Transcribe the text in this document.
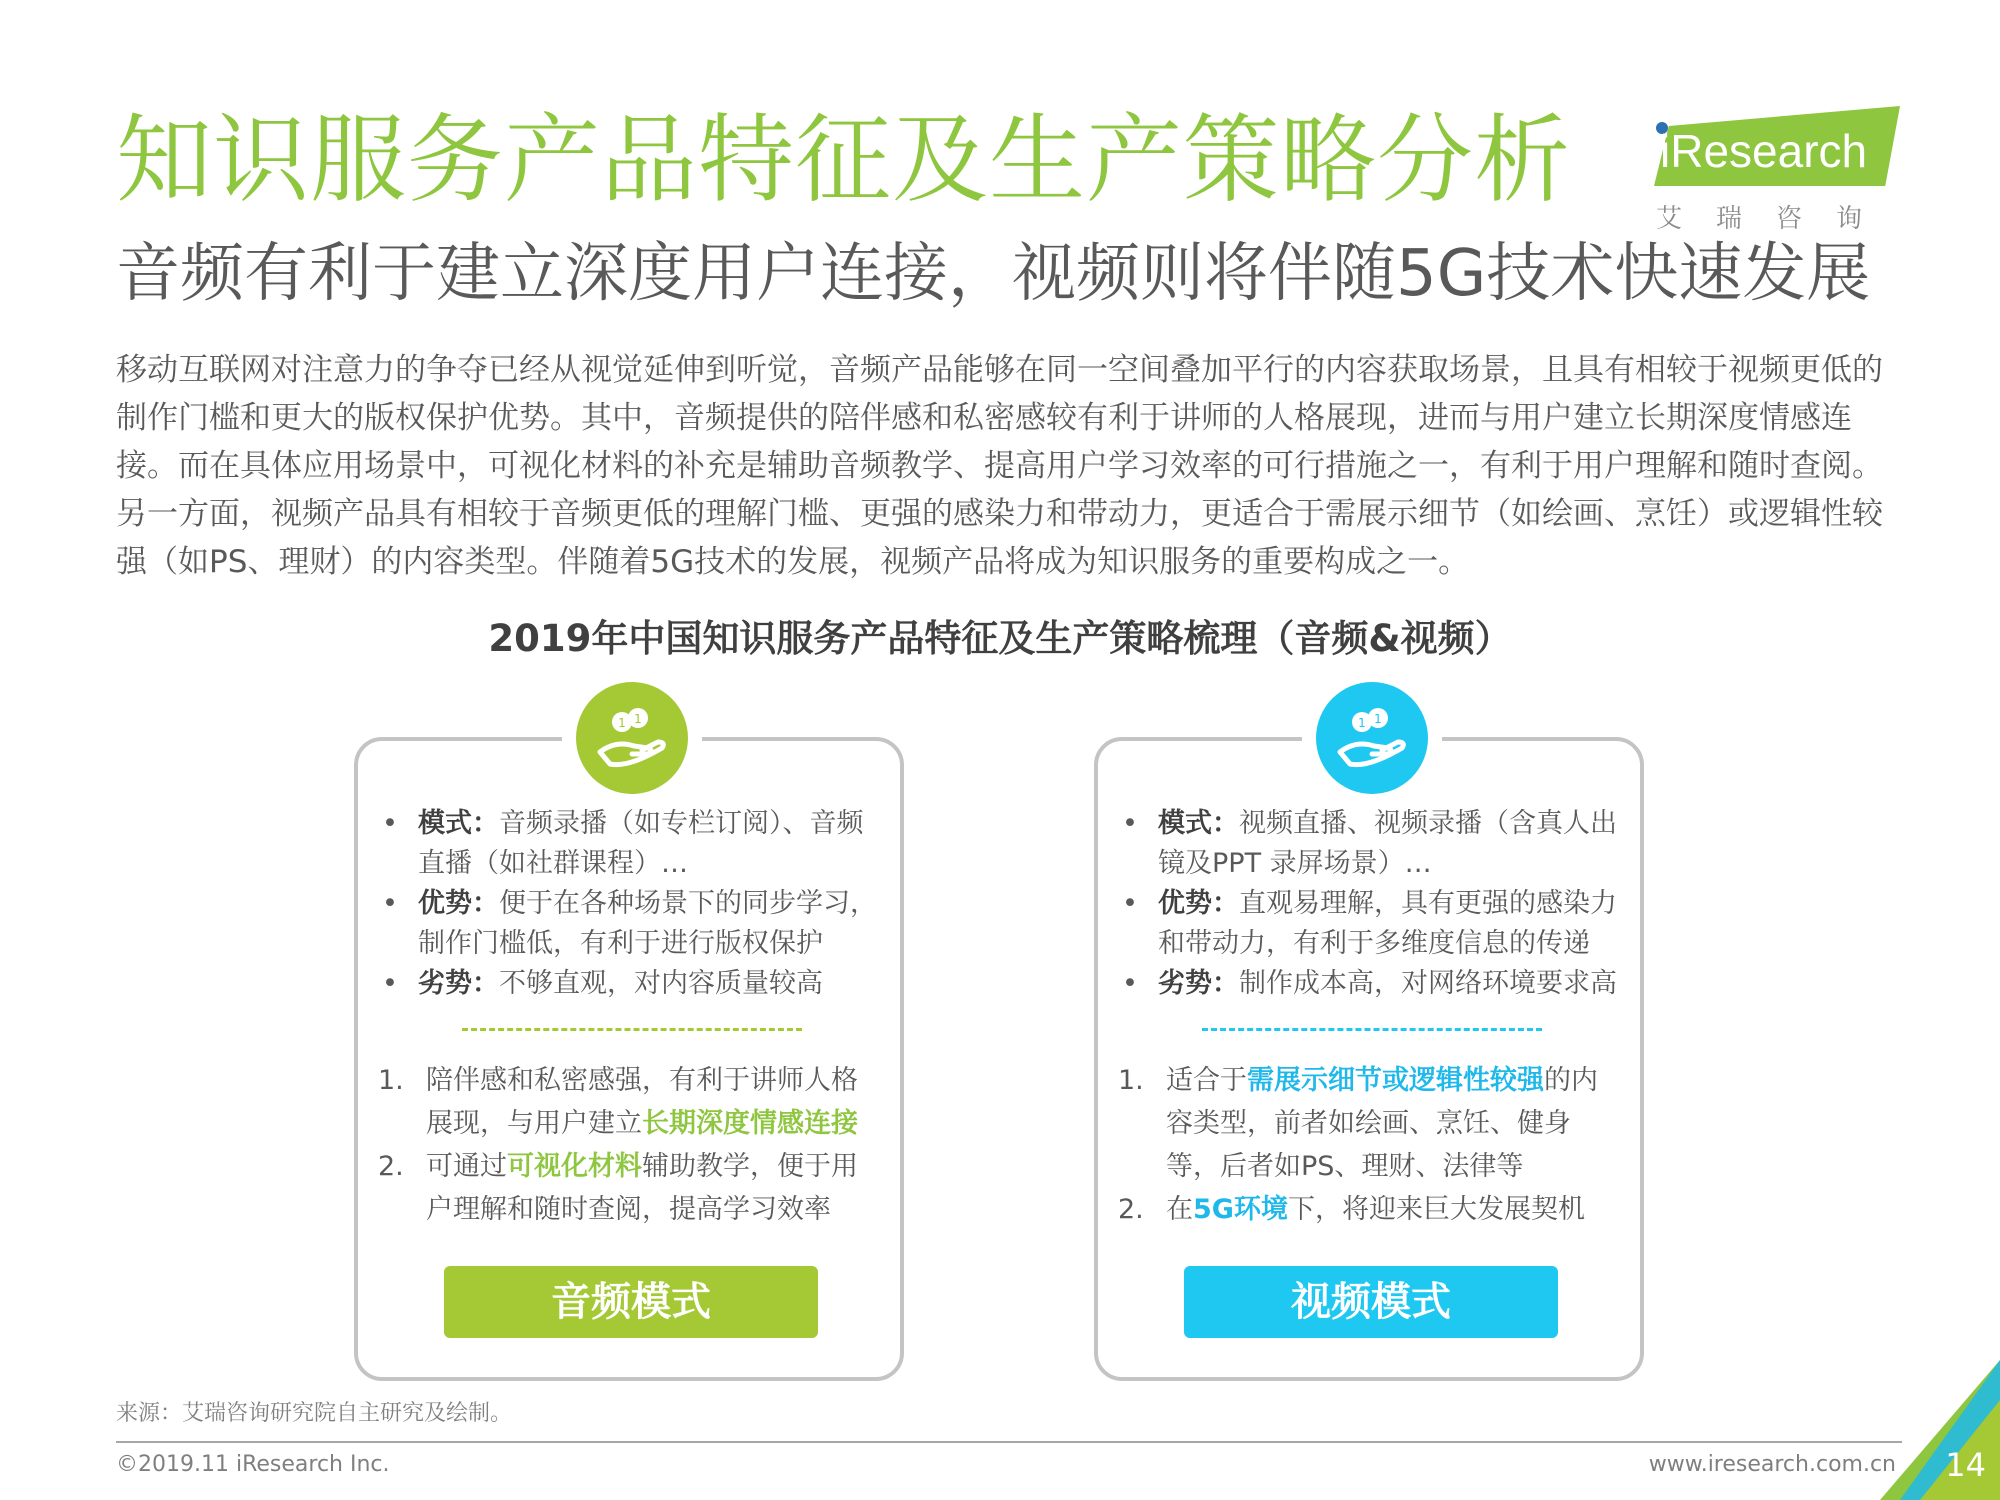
知识服务产品特征及生产策略分析
音频有利于建立深度用户连接，视频则将伴随5G技术快速发展
iResearch
艾瑞咨询
移动互联网对注意力的争夺已经从视觉延伸到听觉，音频产品能够在同一空间叠加平行的内容获取场景，且具有相较于视频更低的制作门槛和更大的版权保护优势。其中，音频提供的陪伴感和私密感较有利于讲师的人格展现，进而与用户建立长期深度情感连接。而在具体应用场景中，可视化材料的补充是辅助音频教学、提高用户学习效率的可行措施之一，有利于用户理解和随时查阅。另一方面，视频产品具有相较于音频更低的理解门槛、更强的感染力和带动力，更适合于需展示细节（如绘画、烹饪）或逻辑性较强（如PS、理财）的内容类型。伴随着5G技术的发展，视频产品将成为知识服务的重要构成之一。
2019年中国知识服务产品特征及生产策略梳理（音频&视频）
1 1
• 模式：音频录播（如专栏订阅）、音频直播（如社群课程）…
• 优势：便于在各种场景下的同步学习，制作门槛低，有利于进行版权保护
• 劣势：不够直观，对内容质量较高
1. 陪伴感和私密感强，有利于讲师人格展现，与用户建立长期深度情感连接
2. 可通过可视化材料辅助教学，便于用户理解和随时查阅，提高学习效率
音频模式
1 1
• 模式：视频直播、视频录播（含真人出镜及PPT 录屏场景）…
• 优势：直观易理解，具有更强的感染力和带动力，有利于多维度信息的传递
• 劣势：制作成本高，对网络环境要求高
1. 适合于需展示细节或逻辑性较强的内容类型，前者如绘画、烹饪、健身等，后者如PS、理财、法律等
2. 在5G环境下，将迎来巨大发展契机
视频模式
来源：艾瑞咨询研究院自主研究及绘制。
©2019.11 iResearch Inc.	www.iresearch.com.cn 14
